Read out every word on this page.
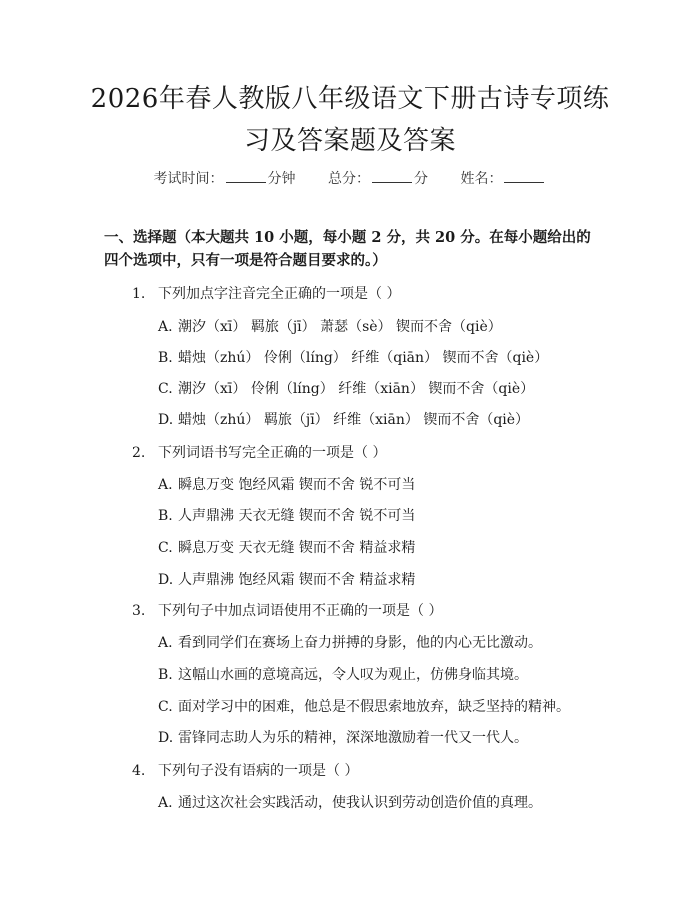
2026年春人教版八年级语文下册古诗专项练
习及答案题及答案
考试时间：	分钟 总分：	分 姓名：
一、选择题（本大题共 10 小题，每小题 2 分，共 20 分。在每小题给出的四个选项中，只有一项是符合题目要求的。）
1. 下列加点字注音完全正确的一项是（ ）
A. 潮汐（xī） 羁旅（jī） 萧瑟（sè） 锲而不舍（qiè）
B. 蜡烛（zhú） 伶俐（líng） 纤维（qiān） 锲而不舍（qiè）
C. 潮汐（xī） 伶俐（líng） 纤维（xiān） 锲而不舍（qiè）
D. 蜡烛（zhú） 羁旅（jī） 纤维（xiān） 锲而不舍（qiè）
2. 下列词语书写完全正确的一项是（ ）
A. 瞬息万变 饱经风霜 锲而不舍 锐不可当
B. 人声鼎沸 天衣无缝 锲而不舍 锐不可当
C. 瞬息万变 天衣无缝 锲而不舍 精益求精
D. 人声鼎沸 饱经风霜 锲而不舍 精益求精
3. 下列句子中加点词语使用不正确的一项是（ ）
A. 看到同学们在赛场上奋力拼搏的身影，他的内心无比激动。
B. 这幅山水画的意境高远，令人叹为观止，仿佛身临其境。
C. 面对学习中的困难，他总是不假思索地放弃，缺乏坚持的精神。
D. 雷锋同志助人为乐的精神，深深地激励着一代又一代人。
4. 下列句子没有语病的一项是（ ）
A. 通过这次社会实践活动，使我认识到劳动创造价值的真理。
